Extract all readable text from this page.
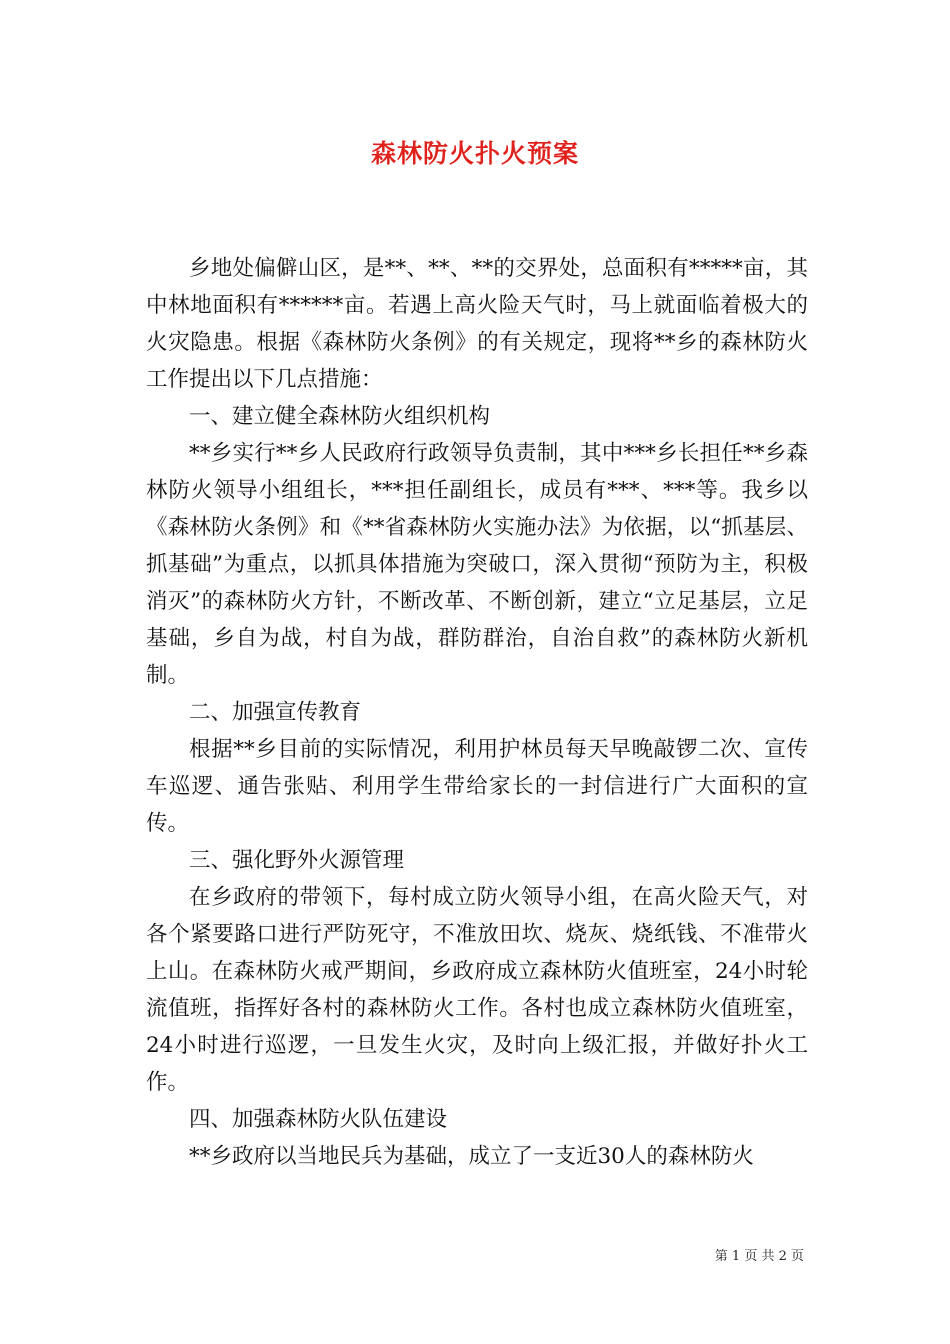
森林防火扑火预案

乡地处偏僻山区，是**、**、**的交界处，总面积有*****亩，其中林地面积有******亩。若遇上高火险天气时，马上就面临着极大的火灾隐患。根据《森林防火条例》的有关规定，现将**乡的森林防火工作提出以下几点措施：

一、建立健全森林防火组织机构

**乡实行**乡人民政府行政领导负责制，其中***乡长担任**乡森林防火领导小组组长，***担任副组长，成员有***、***等。我乡以《森林防火条例》和《**省森林防火实施办法》为依据，以“抓基层、抓基础”为重点，以抓具体措施为突破口，深入贯彻“预防为主，积极消灭”的森林防火方针，不断改革、不断创新，建立“立足基层，立足基础，乡自为战，村自为战，群防群治，自治自救”的森林防火新机制。

二、加强宣传教育

根据**乡目前的实际情况，利用护林员每天早晚敲锣二次、宣传车巡逻、通告张贴、利用学生带给家长的一封信进行广大面积的宣传。

三、强化野外火源管理

在乡政府的带领下，每村成立防火领导小组，在高火险天气，对各个紧要路口进行严防死守，不准放田坎、烧灰、烧纸钱、不准带火上山。在森林防火戒严期间，乡政府成立森林防火值班室，24小时轮流值班，指挥好各村的森林防火工作。各村也成立森林防火值班室，24小时进行巡逻，一旦发生火灾，及时向上级汇报，并做好扑火工作。

四、加强森林防火队伍建设

**乡政府以当地民兵为基础，成立了一支近30人的森林防火

第 1 页 共 2 页
